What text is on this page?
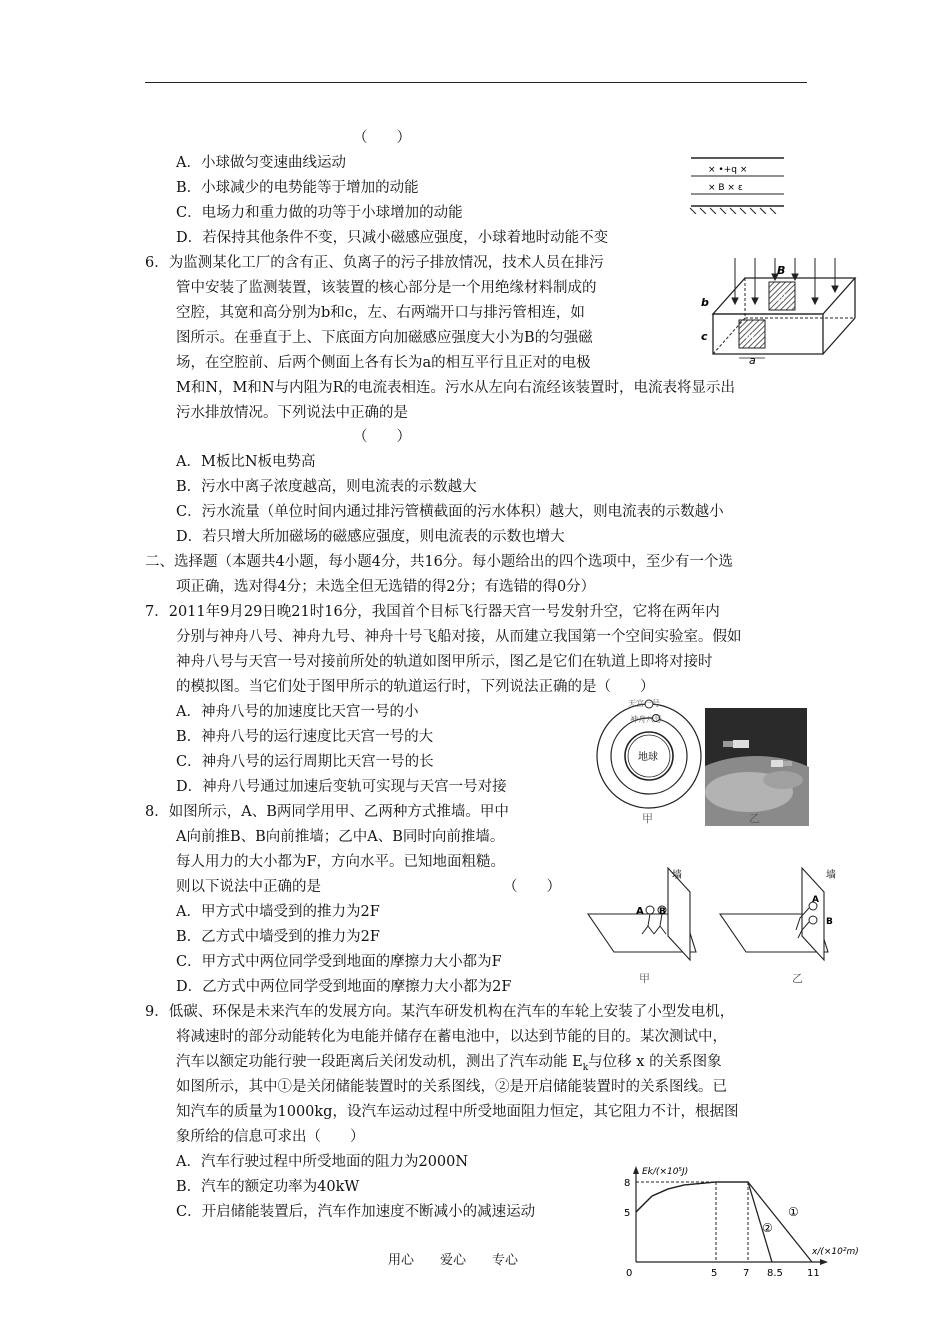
（　　）
A．小球做匀变速曲线运动
B．小球减少的电势能等于增加的动能
C．电场力和重力做的功等于小球增加的动能
D．若保持其他条件不变，只减小磁感应强度，小球着地时动能不变
× •+q ×
× B × ε
6．为监测某化工厂的含有正、负离子的污子排放情况，技术人员在排污
管中安装了监测装置，该装置的核心部分是一个用绝缘材料制成的
空腔，其宽和高分别为b和c，左、右两端开口与排污管相连，如
图所示。在垂直于上、下底面方向加磁感应强度大小为B的匀强磁
场，在空腔前、后两个侧面上各有长为a的相互平行且正对的电极
M和N，M和N与内阻为R的电流表相连。污水从左向右流经该装置时，电流表将显示出
污水排放情况。下列说法中正确的是
（　　）
A．M板比N板电势高
B．污水中离子浓度越高，则电流表的示数越大
C．污水流量（单位时间内通过排污管横截面的污水体积）越大，则电流表的示数越小
D．若只增大所加磁场的磁感应强度，则电流表的示数也增大
B
b
c
a
N
M
二、选择题（本题共4小题，每小题4分，共16分。每小题给出的四个选项中，至少有一个选
项正确，选对得4分；未选全但无选错的得2分；有选错的得0分）
7．2011年9月29日晚21时16分，我国首个目标飞行器天宫一号发射升空，它将在两年内
分别与神舟八号、神舟九号、神舟十号飞船对接，从而建立我国第一个空间实验室。假如
神舟八号与天宫一号对接前所处的轨道如图甲所示，图乙是它们在轨道上即将对接时
的模拟图。当它们处于图甲所示的轨道运行时，下列说法正确的是（　　）
A．神舟八号的加速度比天宫一号的小
B．神舟八号的运行速度比天宫一号的大
C．神舟八号的运行周期比天宫一号的长
D．神舟八号通过加速后变轨可实现与天宫一号对接
天宫一号
神舟八号
地球
甲	乙
8．如图所示，A、B两同学用甲、乙两种方式推墙。甲中
A向前推B、B向前推墙；乙中A、B同时向前推墙。
每人用力的大小都为F，方向水平。已知地面粗糙。
则以下说法中正确的是	（　　）
A．甲方式中墙受到的推力为2F
B．乙方式中墙受到的推力为2F
C．甲方式中两位同学受到地面的摩擦力大小都为F
D．乙方式中两位同学受到地面的摩擦力大小都为2F
墙
A B
甲
墙
A
B
乙
9．低碳、环保是未来汽车的发展方向。某汽车研发机构在汽车的车轮上安装了小型发电机，
将减速时的部分动能转化为电能并储存在蓄电池中，以达到节能的目的。某次测试中，
汽车以额定功能行驶一段距离后关闭发动机，测出了汽车动能 $E_k$与位移 x 的关系图象
如图所示，其中①是关闭储能装置时的关系图线，②是开启储能装置时的关系图线。已
知汽车的质量为1000kg，设汽车运动过程中所受地面阻力恒定，其它阻力不计，根据图
象所给的信息可求出（　　）
A．汽车行驶过程中所受地面的阻力为2000N
B．汽车的额定功率为40kW
C．开启储能装置后，汽车作加速度不断减小的减速运动
Ek/(×10⁵J)
x/(×10²m)
①
②
8
5
0	5	7 8.5 11
用心　　爱心　　专心
